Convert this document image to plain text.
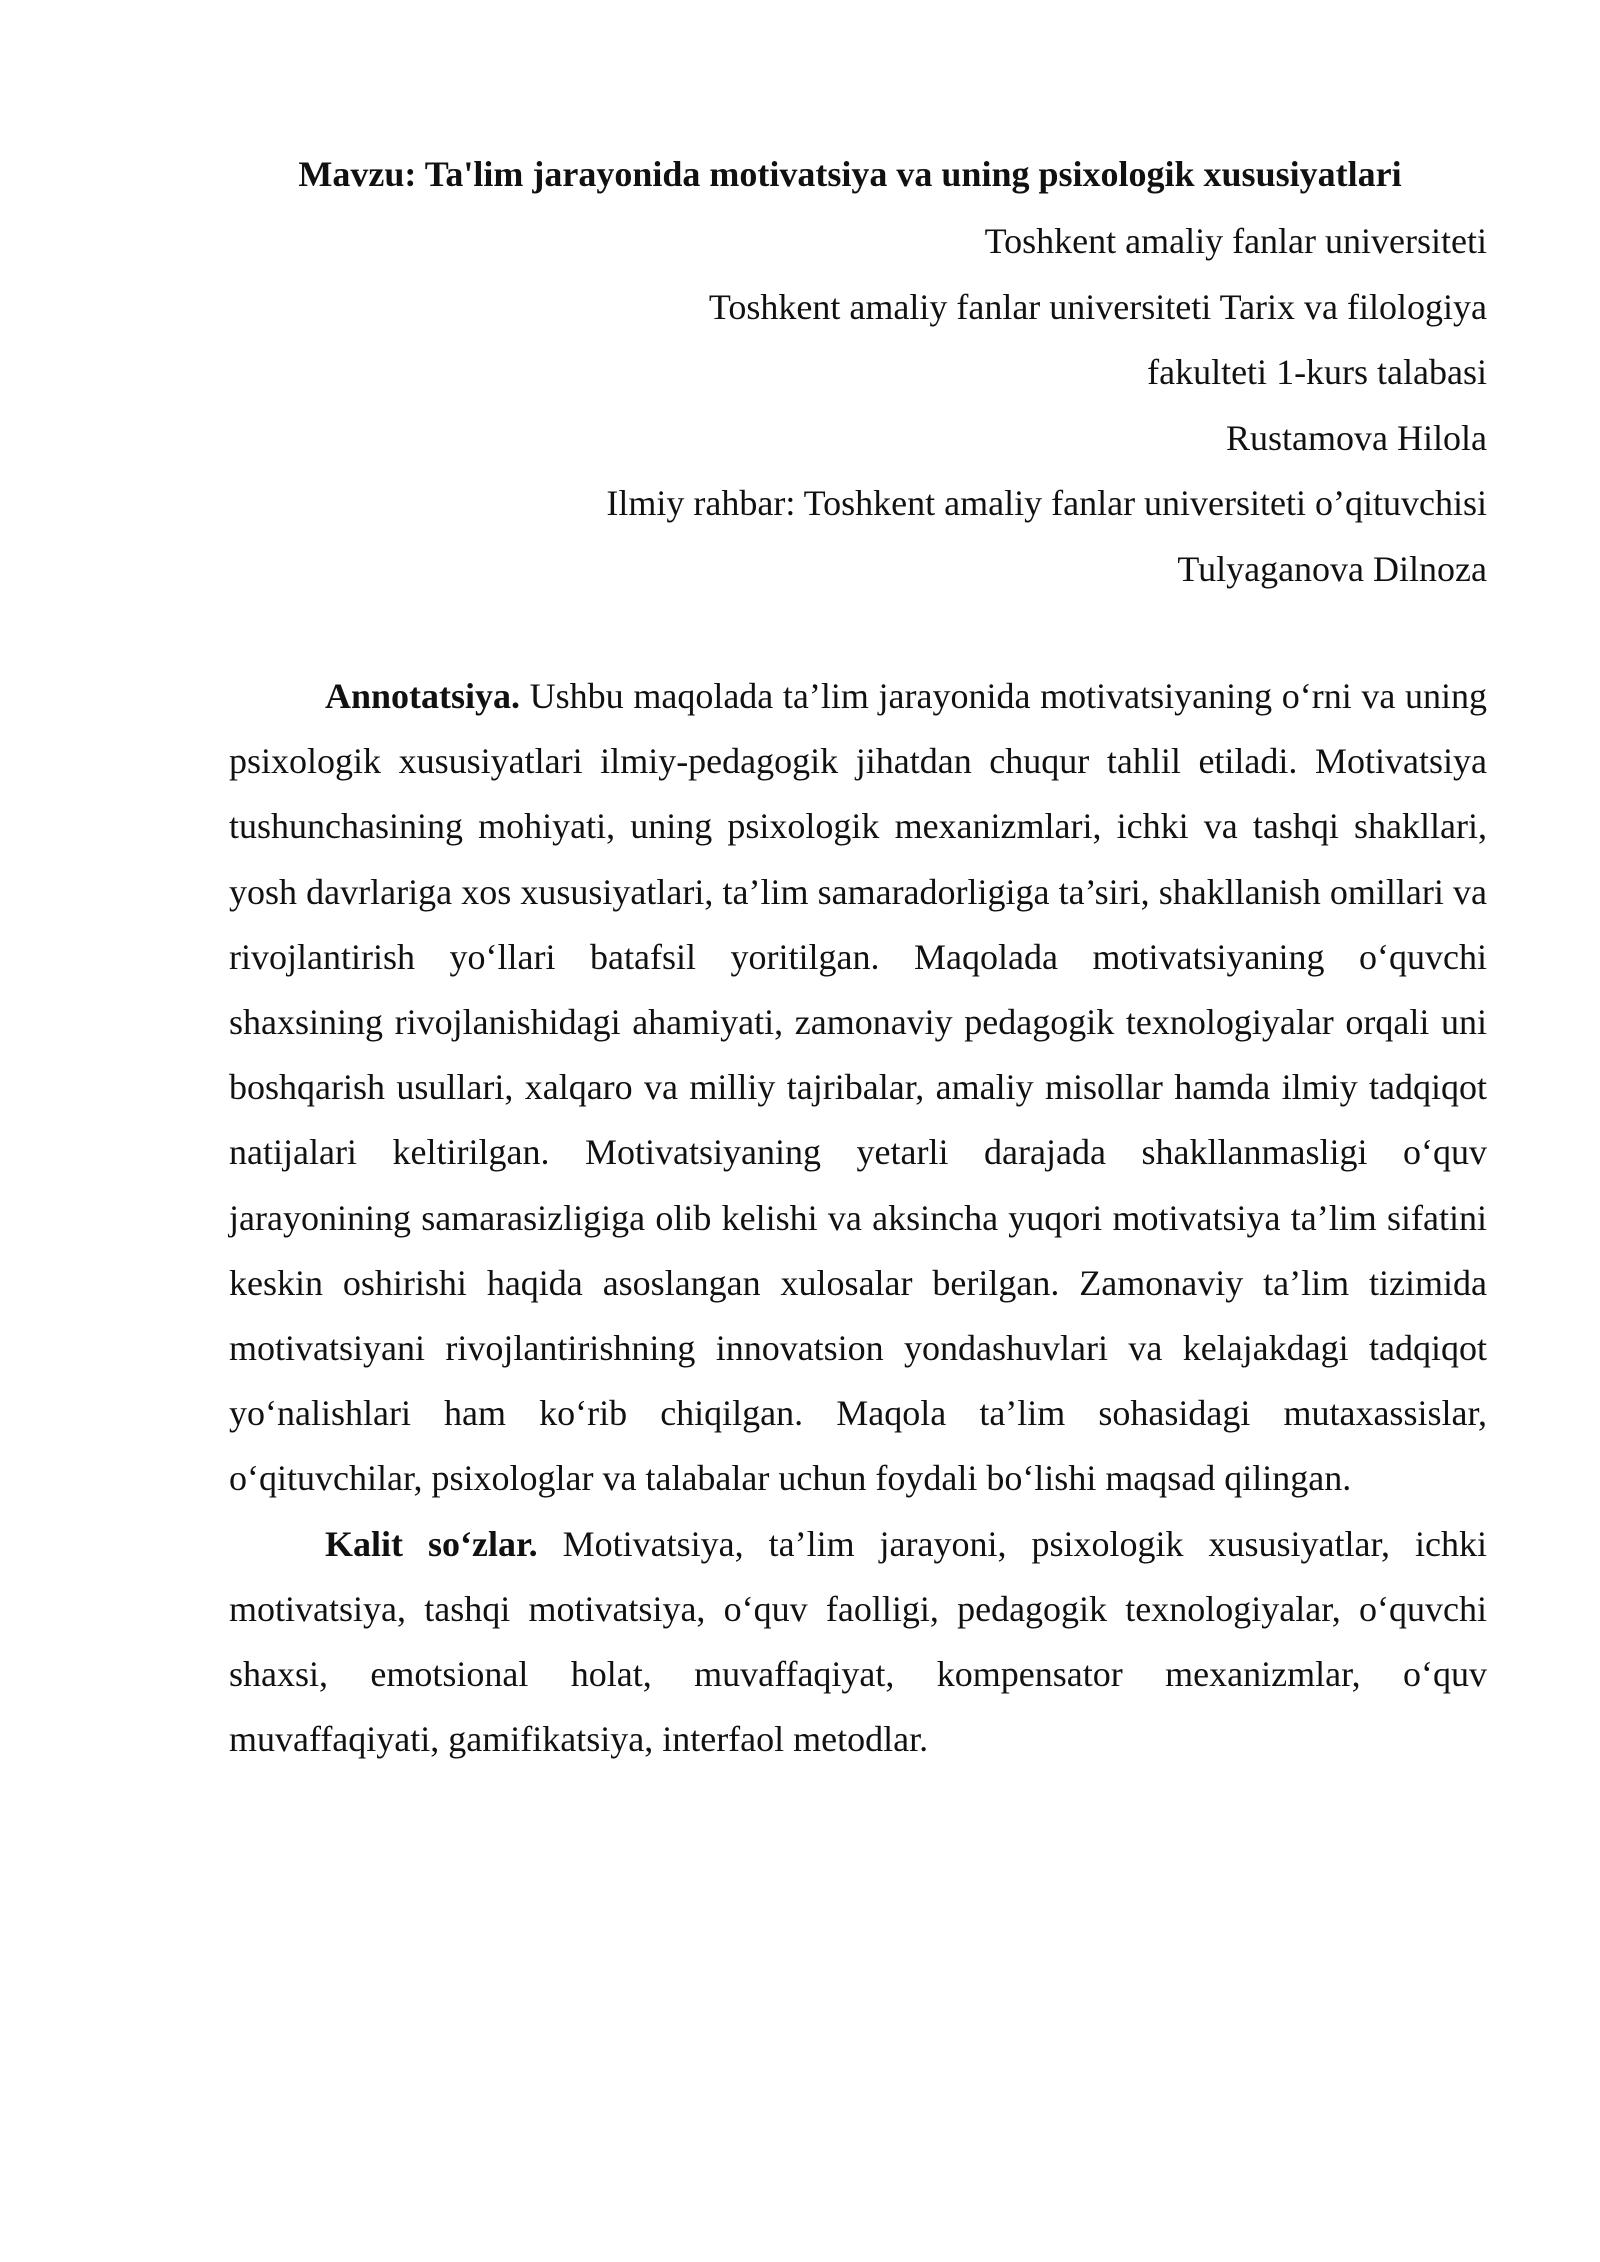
Mavzu: Ta'lim jarayonida motivatsiya va uning psixologik xususiyatlari
Toshkent amaliy fanlar universiteti
Toshkent amaliy fanlar universiteti Tarix va filologiya
fakulteti 1-kurs talabasi
Rustamova Hilola
Ilmiy rahbar: Toshkent amaliy fanlar universiteti o’qituvchisi
Tulyaganova Dilnoza

Annotatsiya. Ushbu maqolada ta’lim jarayonida motivatsiyaning o‘rni va uning psixologik xususiyatlari ilmiy-pedagogik jihatdan chuqur tahlil etiladi. Motivatsiya tushunchasining mohiyati, uning psixologik mexanizmlari, ichki va tashqi shakllari, yosh davrlariga xos xususiyatlari, ta’lim samaradorligiga ta’siri, shakllanish omillari va rivojlantirish yo‘llari batafsil yoritilgan. Maqolada motivatsiyaning o‘quvchi shaxsining rivojlanishidagi ahamiyati, zamonaviy pedagogik texnologiyalar orqali uni boshqarish usullari, xalqaro va milliy tajribalar, amaliy misollar hamda ilmiy tadqiqot natijalari keltirilgan. Motivatsiyaning yetarli darajada shakllanmasligi o‘quv jarayonining samarasizligiga olib kelishi va aksincha yuqori motivatsiya ta’lim sifatini keskin oshirishi haqida asoslangan xulosalar berilgan. Zamonaviy ta’lim tizimida motivatsiyani rivojlantirishning innovatsion yondashuvlari va kelajakdagi tadqiqot yo‘nalishlari ham ko‘rib chiqilgan. Maqola ta’lim sohasidagi mutaxassislar, o‘qituvchilar, psixologlar va talabalar uchun foydali bo‘lishi maqsad qilingan.

Kalit so‘zlar. Motivatsiya, ta’lim jarayoni, psixologik xususiyatlar, ichki motivatsiya, tashqi motivatsiya, o‘quv faolligi, pedagogik texnologiyalar, o‘quvchi shaxsi, emotsional holat, muvaffaqiyat, kompensator mexanizmlar, o‘quv muvaffaqiyati, gamifikatsiya, interfaol metodlar.
